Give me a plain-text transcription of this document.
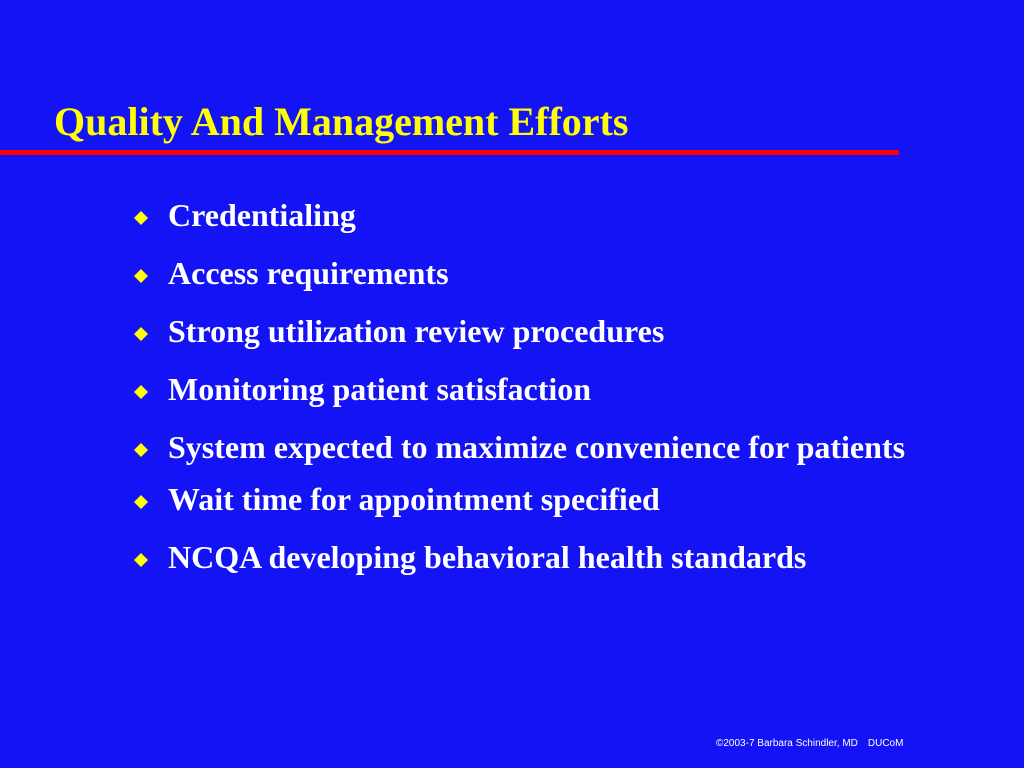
Quality And Management Efforts
Credentialing
Access requirements
Strong utilization review procedures
Monitoring patient satisfaction
System expected to maximize convenience for patients
Wait time for appointment specified
NCQA developing behavioral health standards
©2003-7 Barbara Schindler, MD DUCoM
